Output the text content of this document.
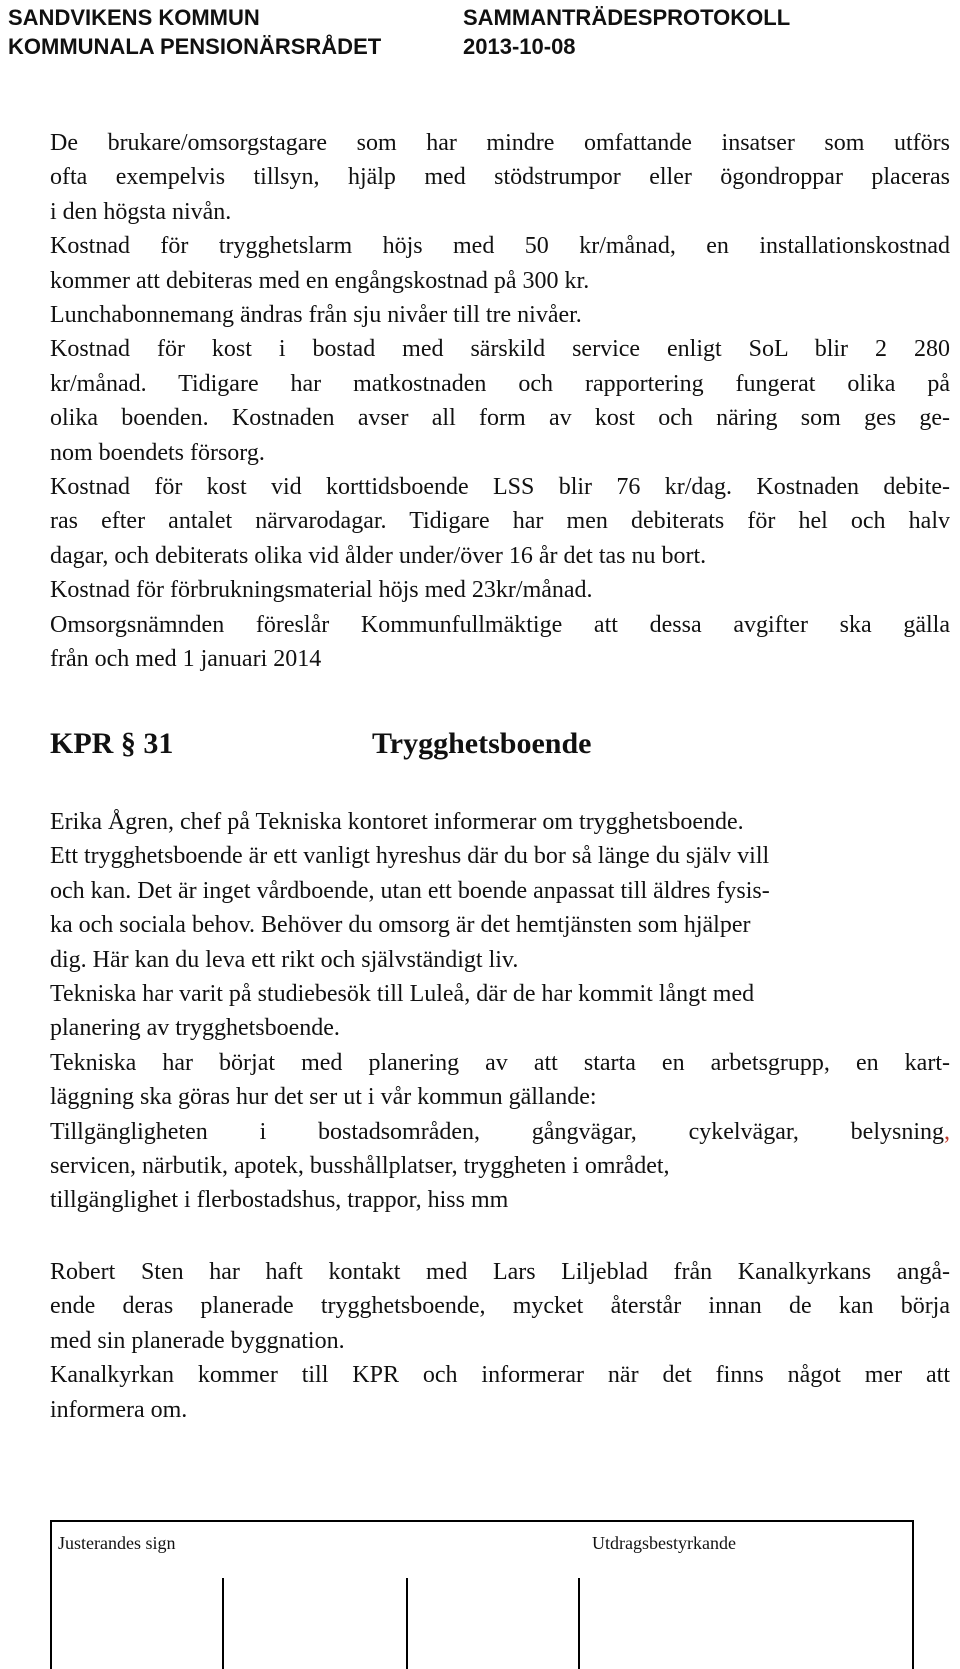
SANDVIKENS KOMMUN	SAMMANTRÄDESPROTOKOLL
KOMMUNALA PENSIONÄRSRÅDET	2013-10-08
De brukare/omsorgstagare som har mindre omfattande insatser som utförs
ofta exempelvis tillsyn, hjälp med stödstrumpor eller ögondroppar placeras
i den högsta nivån.
Kostnad för trygghetslarm höjs med 50 kr/månad, en installationskostnad
kommer att debiteras med en engångskostnad på 300 kr.
Lunchabonnemang ändras från sju nivåer till tre nivåer.
Kostnad för kost i bostad med särskild service enligt SoL blir 2 280
kr/månad. Tidigare har matkostnaden och rapportering fungerat olika på
olika boenden. Kostnaden avser all form av kost och näring som ges ge-
nom boendets försorg.
Kostnad för kost vid korttidsboende LSS blir 76 kr/dag. Kostnaden debite-
ras efter antalet närvarodagar. Tidigare har men debiterats för hel och halv
dagar, och debiterats olika vid ålder under/över 16 år det tas nu bort.
Kostnad för förbrukningsmaterial höjs med 23kr/månad.
Omsorgsnämnden föreslår Kommunfullmäktige att dessa avgifter ska gälla
från och med 1 januari 2014
KPR § 31	Trygghetsboende
Erika Ågren, chef på Tekniska kontoret informerar om trygghetsboende.
Ett trygghetsboende är ett vanligt hyreshus där du bor så länge du själv vill
och kan. Det är inget vårdboende, utan ett boende anpassat till äldres fysis-
ka och sociala behov. Behöver du omsorg är det hemtjänsten som hjälper
dig. Här kan du leva ett rikt och självständigt liv.
Tekniska har varit på studiebesök till Luleå, där de har kommit långt med
planering av trygghetsboende.
Tekniska har börjat med planering av att starta en arbetsgrupp, en kart-
läggning ska göras hur det ser ut i vår kommun gällande:
Tillgängligheten i bostadsområden, gångvägar, cykelvägar, belysning,
servicen, närbutik, apotek, busshållplatser, tryggheten i området,
tillgänglighet i flerbostadshus, trappor, hiss mm
Robert Sten har haft kontakt med Lars Liljeblad från Kanalkyrkans angå-
ende deras planerade trygghetsboende, mycket återstår innan de kan börja
med sin planerade byggnation.
Kanalkyrkan kommer till KPR och informerar när det finns något mer att
informera om.
Justerandes sign	Utdragsbestyrkande
